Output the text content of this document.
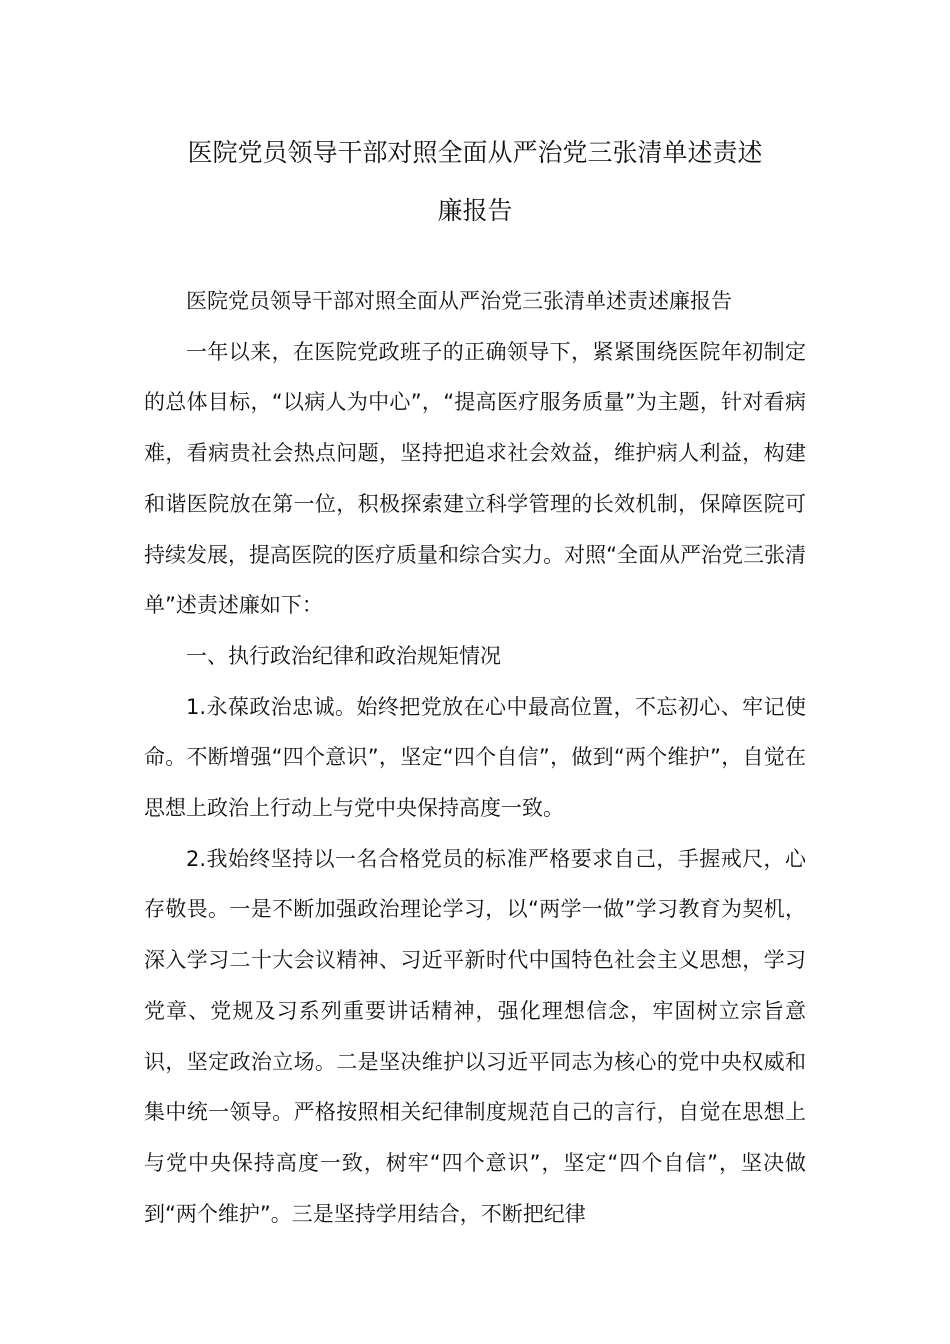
医院党员领导干部对照全面从严治党三张清单述责述
廉报告

医院党员领导干部对照全面从严治党三张清单述责述廉报告

一年以来，在医院党政班子的正确领导下，紧紧围绕医院年初制定的总体目标，“以病人为中心”，“提高医疗服务质量”为主题，针对看病难，看病贵社会热点问题，坚持把追求社会效益，维护病人利益，构建和谐医院放在第一位，积极探索建立科学管理的长效机制，保障医院可持续发展，提高医院的医疗质量和综合实力。对照“全面从严治党三张清单”述责述廉如下：

一、执行政治纪律和政治规矩情况

1.永葆政治忠诚。始终把党放在心中最高位置，不忘初心、牢记使命。不断增强“四个意识”，坚定“四个自信”，做到“两个维护”，自觉在思想上政治上行动上与党中央保持高度一致。

2.我始终坚持以一名合格党员的标准严格要求自己，手握戒尺，心存敬畏。一是不断加强政治理论学习，以“两学一做”学习教育为契机，深入学习二十大会议精神、习近平新时代中国特色社会主义思想，学习党章、党规及习系列重要讲话精神，强化理想信念，牢固树立宗旨意识，坚定政治立场。二是坚决维护以习近平同志为核心的党中央权威和集中统一领导。严格按照相关纪律制度规范自己的言行，自觉在思想上与党中央保持高度一致，树牢“四个意识”，坚定“四个自信”，坚决做到“两个维护”。三是坚持学用结合，不断把纪律
